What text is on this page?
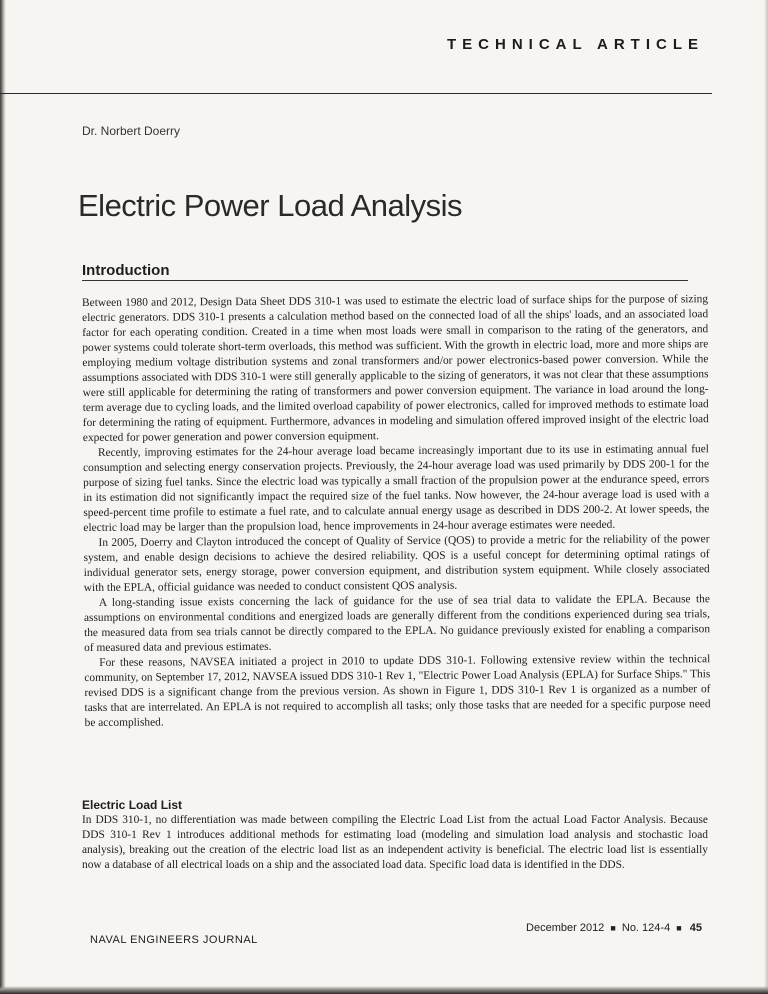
TECHNICAL ARTICLE
Dr. Norbert Doerry
Electric Power Load Analysis
Introduction

Between 1980 and 2012, Design Data Sheet DDS 310-1 was used to estimate the electric load of surface ships for the purpose of sizing electric generators. DDS 310-1 presents a calculation method based on the connected load of all the ships' loads, and an associated load factor for each operating condition. Created in a time when most loads were small in comparison to the rating of the generators, and power systems could tolerate short-term overloads, this method was sufficient. With the growth in electric load, more and more ships are employing medium voltage distribution systems and zonal transformers and/or power electronics-based power conversion. While the assumptions associated with DDS 310-1 were still generally applicable to the sizing of generators, it was not clear that these assumptions were still applicable for determining the rating of transformers and power conversion equipment. The variance in load around the long-term average due to cycling loads, and the limited overload capability of power electronics, called for improved methods to estimate load for determining the rating of equipment. Furthermore, advances in modeling and simulation offered improved insight of the electric load expected for power generation and power conversion equipment.

Recently, improving estimates for the 24-hour average load became increasingly important due to its use in estimating annual fuel consumption and selecting energy conservation projects. Previously, the 24-hour average load was used primarily by DDS 200-1 for the purpose of sizing fuel tanks. Since the electric load was typically a small fraction of the propulsion power at the endurance speed, errors in its estimation did not significantly impact the required size of the fuel tanks. Now however, the 24-hour average load is used with a speed-percent time profile to estimate a fuel rate, and to calculate annual energy usage as described in DDS 200-2. At lower speeds, the electric load may be larger than the propulsion load, hence improvements in 24-hour average estimates were needed.

In 2005, Doerry and Clayton introduced the concept of Quality of Service (QOS) to provide a metric for the reliability of the power system, and enable design decisions to achieve the desired reliability. QOS is a useful concept for determining optimal ratings of individual generator sets, energy storage, power conversion equipment, and distribution system equipment. While closely associated with the EPLA, official guidance was needed to conduct consistent QOS analysis.

A long-standing issue exists concerning the lack of guidance for the use of sea trial data to validate the EPLA. Because the assumptions on environmental conditions and energized loads are generally different from the conditions experienced during sea trials, the measured data from sea trials cannot be directly compared to the EPLA. No guidance previously existed for enabling a comparison of measured data and previous estimates.

For these reasons, NAVSEA initiated a project in 2010 to update DDS 310-1. Following extensive review within the technical community, on September 17, 2012, NAVSEA issued DDS 310-1 Rev 1, "Electric Power Load Analysis (EPLA) for Surface Ships." This revised DDS is a significant change from the previous version. As shown in Figure 1, DDS 310-1 Rev 1 is organized as a number of tasks that are interrelated. An EPLA is not required to accomplish all tasks; only those tasks that are needed for a specific purpose need be accomplished.

Electric Load List

In DDS 310-1, no differentiation was made between compiling the Electric Load List from the actual Load Factor Analysis. Because DDS 310-1 Rev 1 introduces additional methods for estimating load (modeling and simulation load analysis and stochastic load analysis), breaking out the creation of the electric load list as an independent activity is beneficial. The electric load list is essentially now a database of all electrical loads on a ship and the associated load data. Specific load data is identified in the DDS.

NAVAL ENGINEERS JOURNAL
December 2012 ■ No. 124-4 ■ 45
